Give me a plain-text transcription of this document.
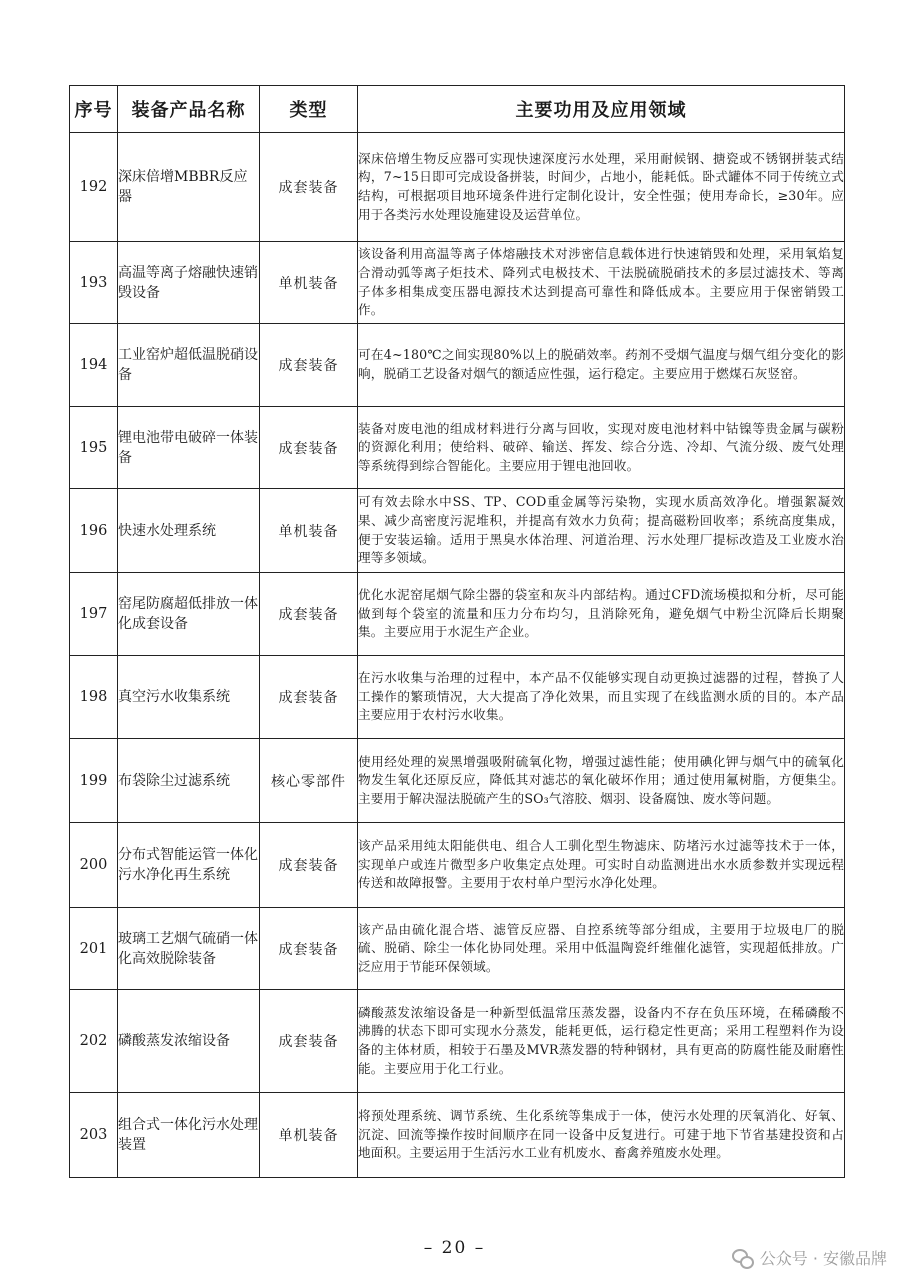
序号	装备产品名称	类型	主要功用及应用领域
192	深床倍增MBBR反应器	成套装备	深床倍增生物反应器可实现快速深度污水处理，采用耐候钢、搪瓷或不锈钢拼装式结构，7~15日即可完成设备拼装，时间少，占地小，能耗低。卧式罐体不同于传统立式结构，可根据项目地环境条件进行定制化设计，安全性强；使用寿命长，≥30年。应用于各类污水处理设施建设及运营单位。
193	高温等离子熔融快速销毁设备	单机装备	该设备利用高温等离子体熔融技术对涉密信息载体进行快速销毁和处理，采用氧焰复合滑动弧等离子炬技术、降列式电极技术、干法脱硫脱硝技术的多层过滤技术、等离子体多相集成变压器电源技术达到提高可靠性和降低成本。主要应用于保密销毁工作。
194	工业窑炉超低温脱硝设备	成套装备	可在4~180℃之间实现80%以上的脱硝效率。药剂不受烟气温度与烟气组分变化的影响，脱硝工艺设备对烟气的额适应性强，运行稳定。主要应用于燃煤石灰竖窑。
195	锂电池带电破碎一体装备	成套装备	装备对废电池的组成材料进行分离与回收，实现对废电池材料中钴镍等贵金属与碳粉的资源化利用；使给料、破碎、输送、挥发、综合分选、冷却、气流分级、废气处理等系统得到综合智能化。主要应用于锂电池回收。
196	快速水处理系统	单机装备	可有效去除水中SS、TP、COD重金属等污染物，实现水质高效净化。增强絮凝效果、减少高密度污泥堆积，并提高有效水力负荷；提高磁粉回收率；系统高度集成，便于安装运输。适用于黑臭水体治理、河道治理、污水处理厂提标改造及工业废水治理等多领域。
197	窑尾防腐超低排放一体化成套设备	成套装备	优化水泥窑尾烟气除尘器的袋室和灰斗内部结构。通过CFD流场模拟和分析，尽可能做到每个袋室的流量和压力分布均匀，且消除死角，避免烟气中粉尘沉降后长期聚集。主要应用于水泥生产企业。
198	真空污水收集系统	成套装备	在污水收集与治理的过程中，本产品不仅能够实现自动更换过滤器的过程，替换了人工操作的繁琐情况，大大提高了净化效果，而且实现了在线监测水质的目的。本产品主要应用于农村污水收集。
199	布袋除尘过滤系统	核心零部件	使用经处理的炭黑增强吸附硫氧化物，增强过滤性能；使用碘化钾与烟气中的硫氧化物发生氧化还原反应，降低其对滤芯的氧化破坏作用；通过使用氟树脂，方便集尘。主要用于解决湿法脱硫产生的SO₃气溶胶、烟羽、设备腐蚀、废水等问题。
200	分布式智能运管一体化污水净化再生系统	成套装备	该产品采用纯太阳能供电、组合人工驯化型生物滤床、防堵污水过滤等技术于一体，实现单户或连片微型多户收集定点处理。可实时自动监测进出水水质参数并实现远程传送和故障报警。主要用于农村单户型污水净化处理。
201	玻璃工艺烟气硫硝一体化高效脱除装备	成套装备	该产品由硫化混合塔、滤管反应器、自控系统等部分组成，主要用于垃圾电厂的脱硫、脱硝、除尘一体化协同处理。采用中低温陶瓷纤维催化滤管，实现超低排放。广泛应用于节能环保领域。
202	磷酸蒸发浓缩设备	成套装备	磷酸蒸发浓缩设备是一种新型低温常压蒸发器，设备内不存在负压环境，在稀磷酸不沸腾的状态下即可实现水分蒸发，能耗更低，运行稳定性更高；采用工程塑料作为设备的主体材质，相较于石墨及MVR蒸发器的特种钢材，具有更高的防腐性能及耐磨性能。主要应用于化工行业。
203	组合式一体化污水处理装置	单机装备	将预处理系统、调节系统、生化系统等集成于一体，使污水处理的厌氧消化、好氧、沉淀、回流等操作按时间顺序在同一设备中反复进行。可建于地下节省基建投资和占地面积。主要运用于生活污水工业有机废水、畜禽养殖废水处理。
– 20 –
公众号 · 安徽品牌
